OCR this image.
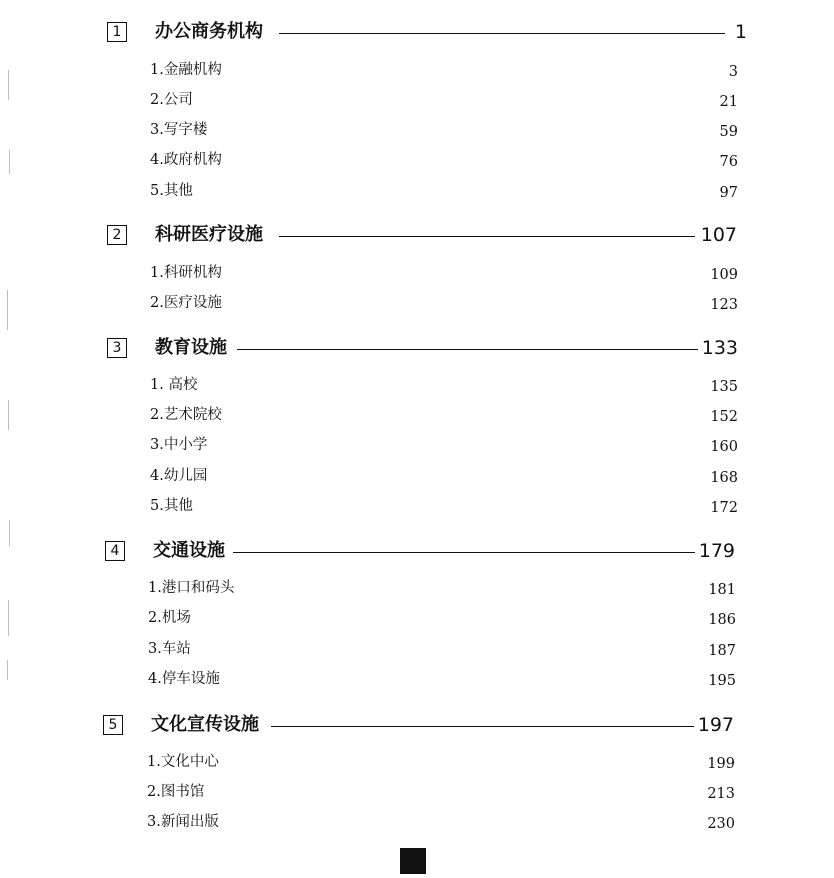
1	办公商务机构	1
1.金融机构	3
2.公司	21
3.写字楼	59
4.政府机构	76
5.其他	97
2	科研医疗设施	107
1.科研机构	109
2.医疗设施	123
3	教育设施	133
1. 高校	135
2.艺术院校	152
3.中小学	160
4.幼儿园	168
5.其他	172
4	交通设施	179
1.港口和码头	181
2.机场	186
3.车站	187
4.停车设施	195
5	文化宣传设施	197
1.文化中心	199
2.图书馆	213
3.新闻出版	230
